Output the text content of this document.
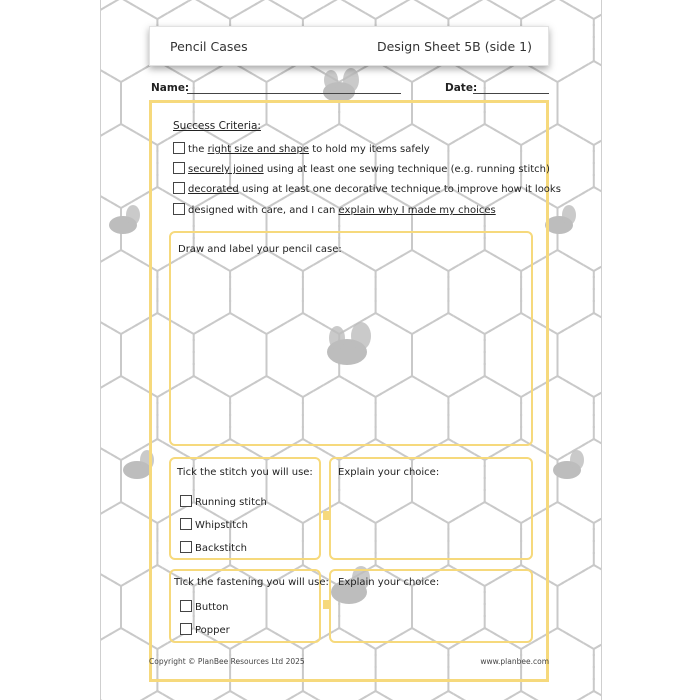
Pencil Cases	Design Sheet 5B (side 1)
Name:	Date:
Success Criteria:
the right size and shape to hold my items safely
securely joined using at least one sewing technique (e.g. running stitch)
decorated using at least one decorative technique to improve how it looks
designed with care, and I can explain why I made my choices
Draw and label your pencil case:
Tick the stitch you will use:
Running stitch
Whipstitch
Backstitch
Explain your choice:
Tick the fastening you will use:
Button
Popper
Explain your choice:
Copyright © PlanBee Resources Ltd 2025	www.planbee.com
